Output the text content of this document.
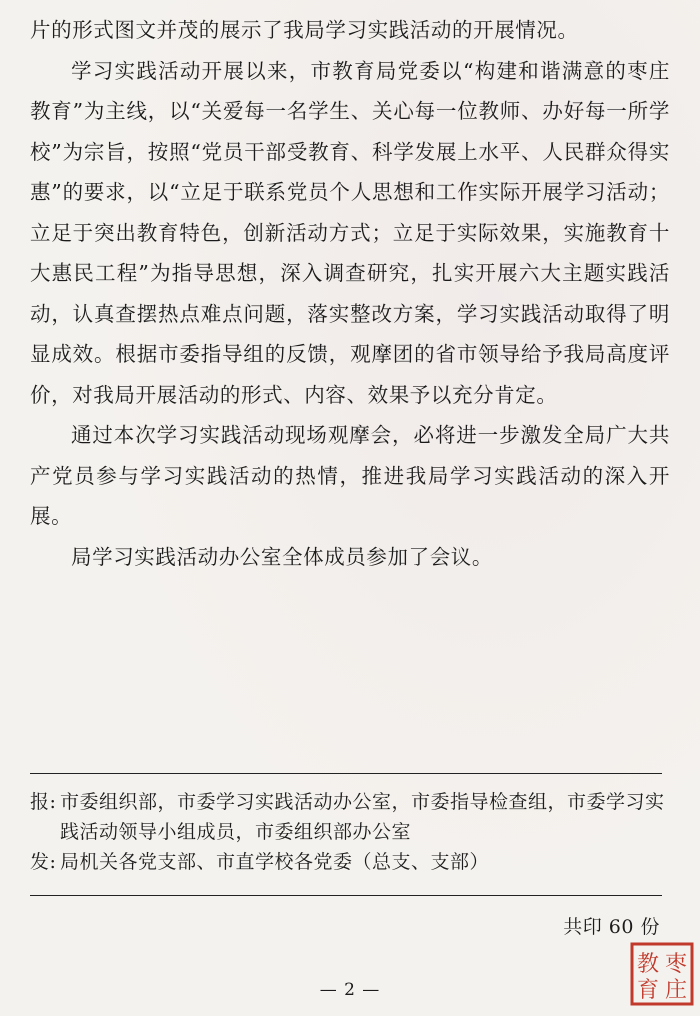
片的形式图文并茂的展示了我局学习实践活动的开展情况。

学习实践活动开展以来，市教育局党委以“构建和谐满意的枣庄教育”为主线，以“关爱每一名学生、关心每一位教师、办好每一所学校”为宗旨，按照“党员干部受教育、科学发展上水平、人民群众得实惠”的要求，以“立足于联系党员个人思想和工作实际开展学习活动；立足于突出教育特色，创新活动方式；立足于实际效果，实施教育十大惠民工程”为指导思想，深入调查研究，扎实开展六大主题实践活动，认真查摆热点难点问题，落实整改方案，学习实践活动取得了明显成效。根据市委指导组的反馈，观摩团的省市领导给予我局高度评价，对我局开展活动的形式、内容、效果予以充分肯定。

通过本次学习实践活动现场观摩会，必将进一步激发全局广大共产党员参与学习实践活动的热情，推进我局学习实践活动的深入开展。

局学习实践活动办公室全体成员参加了会议。

报: 市委组织部，市委学习实践活动办公室，市委指导检查组，市委学习实践活动领导小组成员，市委组织部办公室
发: 局机关各党支部、市直学校各党委（总支、支部）
共印 60 份
— 2 —
枣
庄
教
育
